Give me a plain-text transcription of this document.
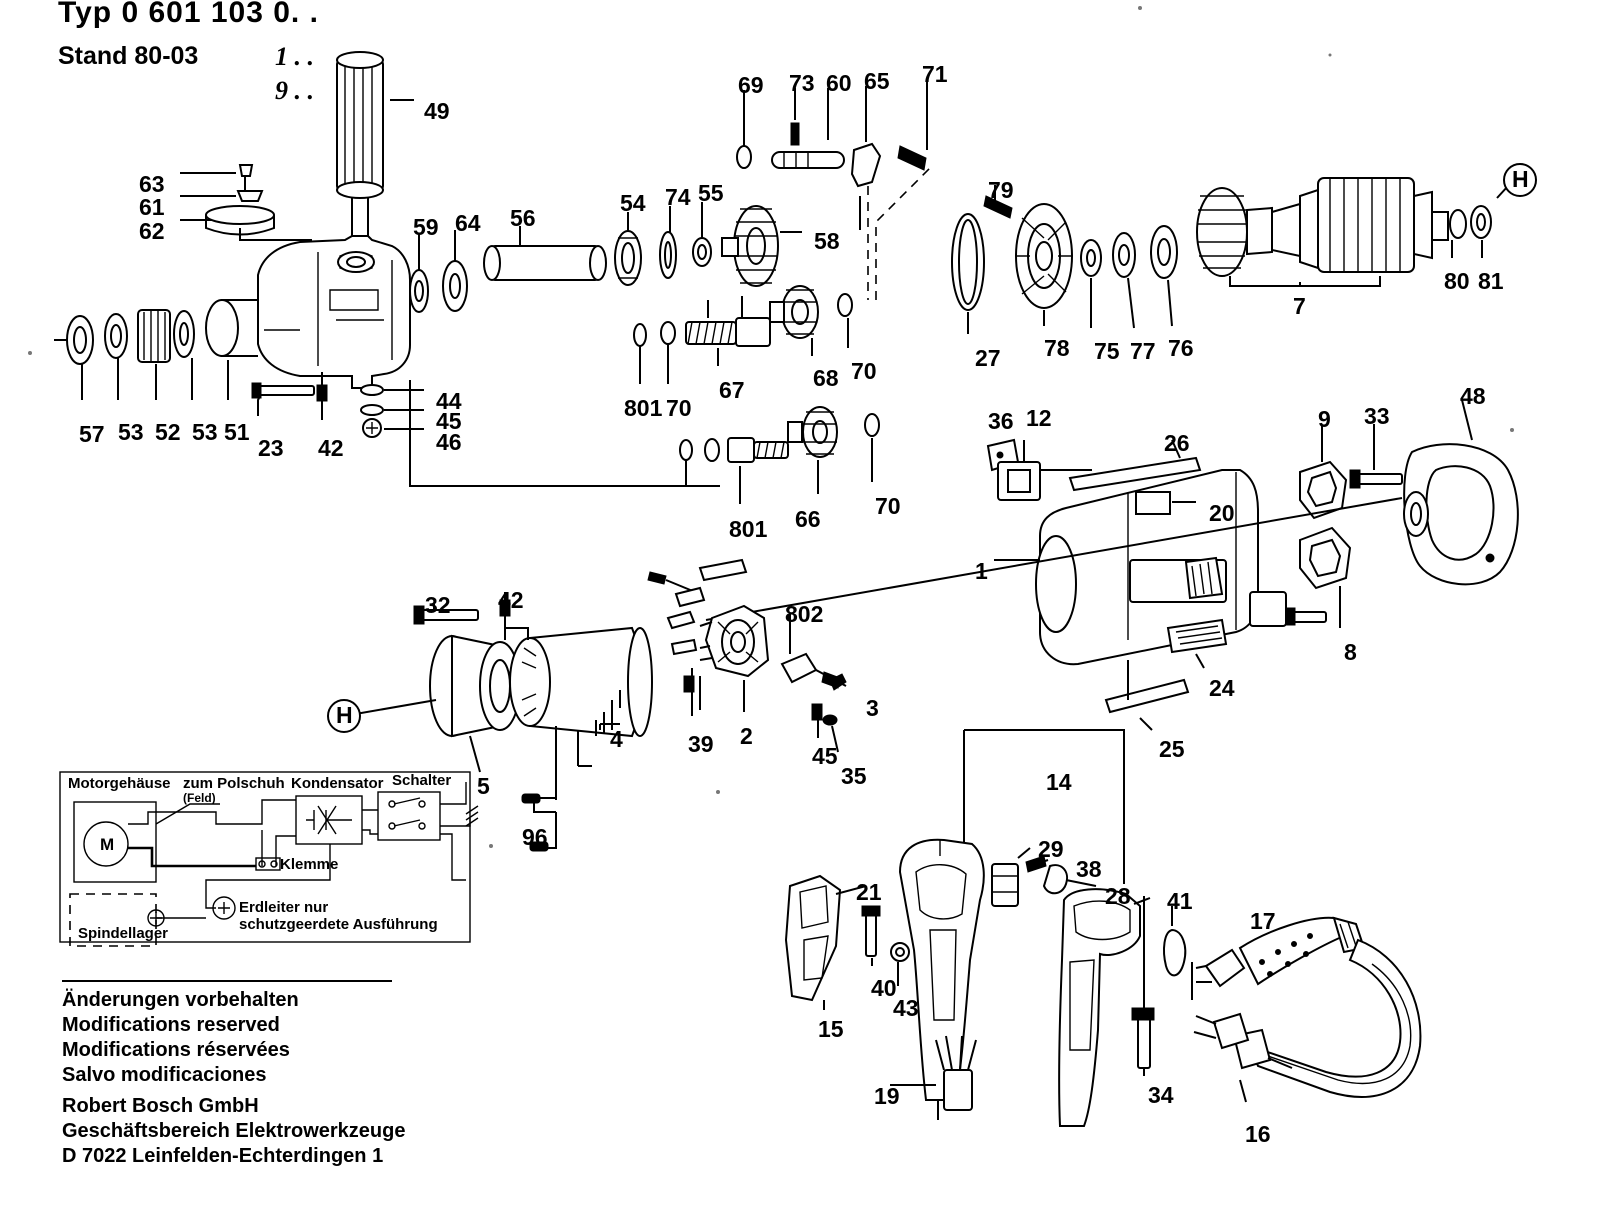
Typ 0 601 103 0. .
Stand 80-03	1 . .
9 . .
Motorgehäuse zum Polschuh
(Feld)
Kondensator Schalter
M
Klemme
Erdleiter nur
schutzgeerdete Ausführung
Spindellager
Änderungen vorbehalten
Modifications reserved
Modifications réservées
Salvo modificaciones
Robert Bosch GmbH
Geschäftsbereich Elektrowerkzeuge
D 7022 Leinfelden-Echterdingen 1
H
H
49
63
61
62	59 64 56
54 74 55
69 73 60 65 71
58
79
80 81
7
27 78 75 77 76
801 70
67	68 70
57 53 52 53 51
23 42
44
45
46
801 66 70
36 12
26
9 33
48
20
1
8
24
25
32 42
802
3
39 2
45
35
4
5
96
14
29
38
28 41
17
21
40
43
15
19	34
16
